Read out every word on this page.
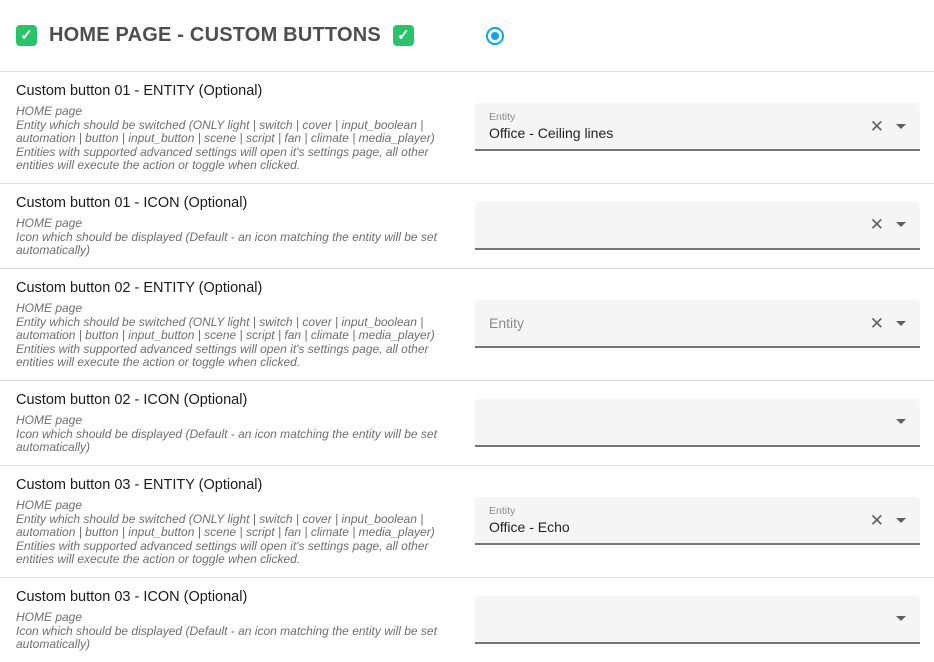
✓ HOME PAGE - CUSTOM BUTTONS ✓
Custom button 01 - ENTITY (Optional)
HOME page
Entity which should be switched (ONLY light | switch | cover | input_boolean | automation | button | input_button | scene | script | fan | climate | media_player)
Entities with supported advanced settings will open it's settings page, all other entities will execute the action or toggle when clicked.
Entity
Office - Ceiling lines	✕
Custom button 01 - ICON (Optional)
HOME page
Icon which should be displayed (Default - an icon matching the entity will be set automatically)
✕
Custom button 02 - ENTITY (Optional)
HOME page
Entity which should be switched (ONLY light | switch | cover | input_boolean | automation | button | input_button | scene | script | fan | climate | media_player)
Entities with supported advanced settings will open it's settings page, all other entities will execute the action or toggle when clicked.
Entity	✕
Custom button 02 - ICON (Optional)
HOME page
Icon which should be displayed (Default - an icon matching the entity will be set automatically)
Custom button 03 - ENTITY (Optional)
HOME page
Entity which should be switched (ONLY light | switch | cover | input_boolean | automation | button | input_button | scene | script | fan | climate | media_player)
Entities with supported advanced settings will open it's settings page, all other entities will execute the action or toggle when clicked.
Entity
Office - Echo	✕
Custom button 03 - ICON (Optional)
HOME page
Icon which should be displayed (Default - an icon matching the entity will be set automatically)
